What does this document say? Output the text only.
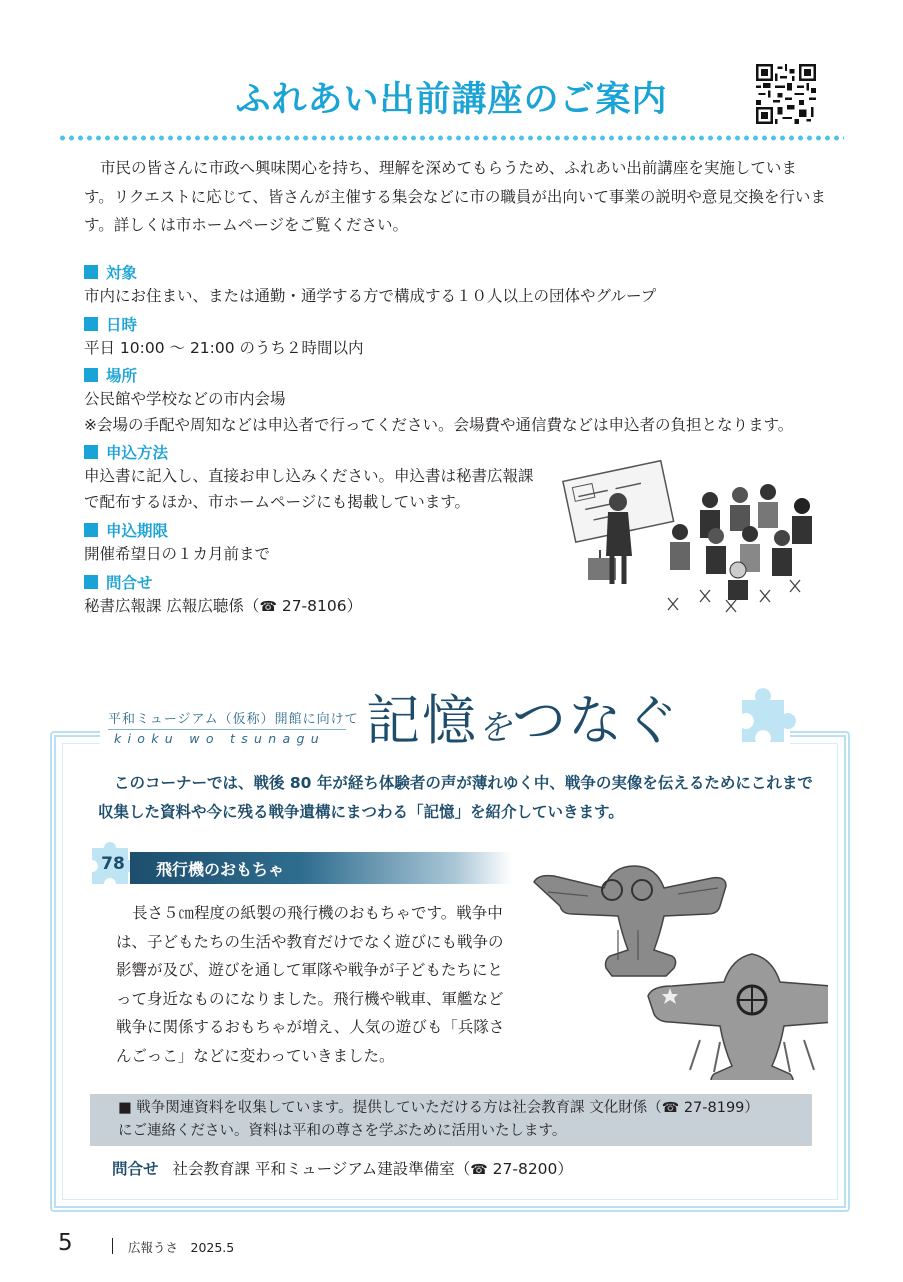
ふれあい出前講座のご案内
市民の皆さんに市政へ興味関心を持ち、理解を深めてもらうため、ふれあい出前講座を実施しています。リクエストに応じて、皆さんが主催する集会などに市の職員が出向いて事業の説明や意見交換を行います。詳しくは市ホームページをご覧ください。
対象
市内にお住まい、または通勤・通学する方で構成する１０人以上の団体やグループ
日時
平日 10:00 ～ 21:00 のうち２時間以内
場所
公民館や学校などの市内会場
※会場の手配や周知などは申込者で行ってください。会場費や通信費などは申込者の負担となります。
申込方法
申込書に記入し、直接お申し込みください。申込書は秘書広報課
で配布するほか、市ホームページにも掲載しています。
申込期限
開催希望日の１カ月前まで
問合せ
秘書広報課 広報広聴係（☎ 27-8106）
平和ミュージアム（仮称）開館に向けて
kioku wo tsunagu 記憶をつなぐ
このコーナーでは、戦後 80 年が経ち体験者の声が薄れゆく中、戦争の実像を伝えるためにこれまで収集した資料や今に残る戦争遺構にまつわる「記憶」を紹介していきます。
78	飛行機のおもちゃ
長さ５㎝程度の紙製の飛行機のおもちゃです。戦争中は、子どもたちの生活や教育だけでなく遊びにも戦争の影響が及び、遊びを通して軍隊や戦争が子どもたちにとって身近なものになりました。飛行機や戦車、軍艦など戦争に関係するおもちゃが増え、人気の遊びも「兵隊さんごっこ」などに変わっていきました。
■ 戦争関連資料を収集しています。提供していただける方は社会教育課 文化財係（☎ 27-8199）
にご連絡ください。資料は平和の尊さを学ぶために活用いたします。
問合せ 社会教育課 平和ミュージアム建設準備室（☎ 27-8200）
5	広報うさ　2025.5
